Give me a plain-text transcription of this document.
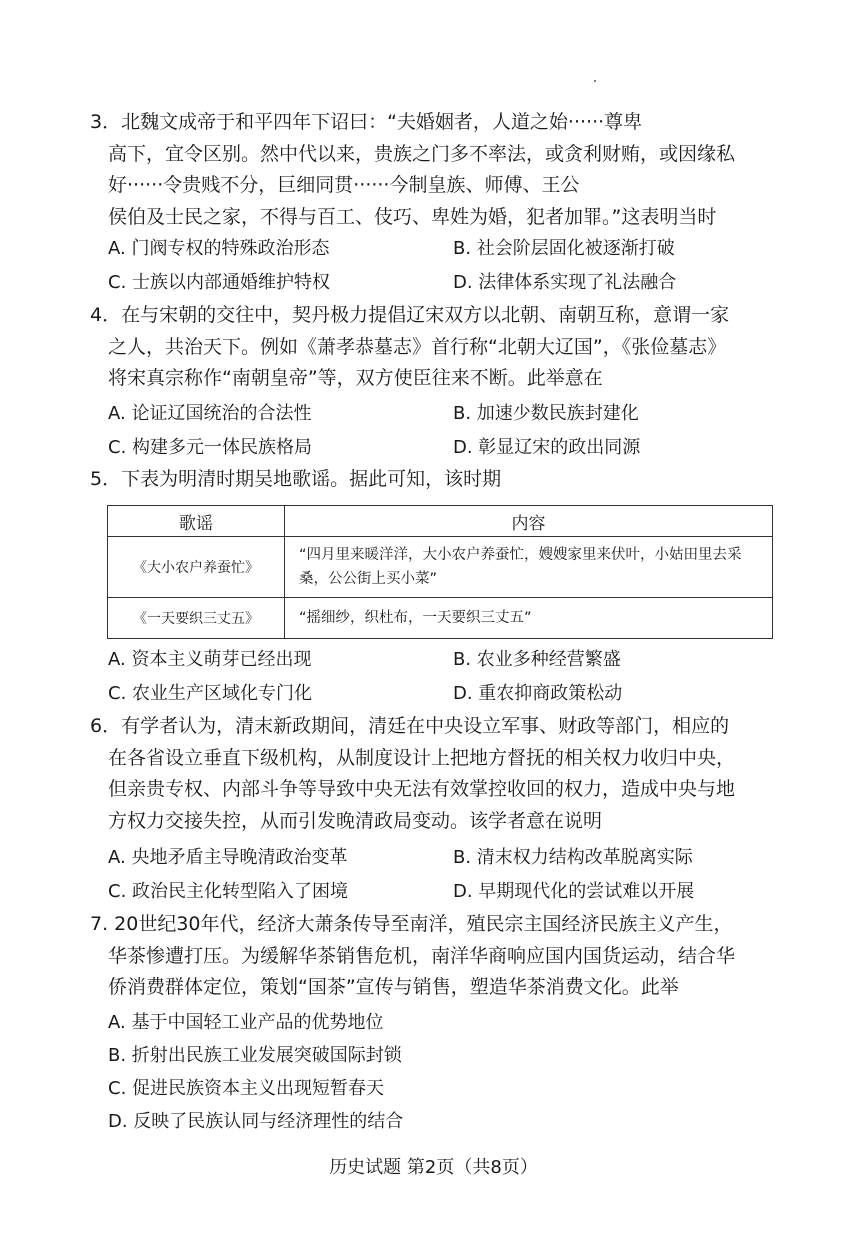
3．北魏文成帝于和平四年下诏曰：“夫婚姻者，人道之始······尊卑
高下，宜令区别。然中代以来，贵族之门多不率法，或贪利财贿，或因缘私
好······令贵贱不分，巨细同贯······今制皇族、师傅、王公
侯伯及士民之家，不得与百工、伎巧、卑姓为婚，犯者加罪。”这表明当时
A. 门阀专权的特殊政治形态	B. 社会阶层固化被逐渐打破
C. 士族以内部通婚维护特权	D. 法律体系实现了礼法融合
4．在与宋朝的交往中，契丹极力提倡辽宋双方以北朝、南朝互称，意谓一家
之人，共治天下。例如《萧孝恭墓志》首行称“北朝大辽国”，《张俭墓志》
将宋真宗称作“南朝皇帝”等，双方使臣往来不断。此举意在
A. 论证辽国统治的合法性	B. 加速少数民族封建化
C. 构建多元一体民族格局	D. 彰显辽宋的政出同源
5．下表为明清时期吴地歌谣。据此可知，该时期
歌谣	内容
《大小农户养蚕忙》	“四月里来暖洋洋，大小农户养蚕忙，嫂嫂家里来伏叶，小姑田里去采桑，公公街上买小菜”
《一天要织三丈五》	“摇细纱，织杜布，一天要织三丈五”
A. 资本主义萌芽已经出现	B. 农业多种经营繁盛
C. 农业生产区域化专门化	D. 重农抑商政策松动
6．有学者认为，清末新政期间，清廷在中央设立军事、财政等部门，相应的
在各省设立垂直下级机构，从制度设计上把地方督抚的相关权力收归中央，
但亲贵专权、内部斗争等导致中央无法有效掌控收回的权力，造成中央与地
方权力交接失控，从而引发晚清政局变动。该学者意在说明
A. 央地矛盾主导晚清政治变革	B. 清末权力结构改革脱离实际
C. 政治民主化转型陷入了困境	D. 早期现代化的尝试难以开展
7. 20世纪30年代，经济大萧条传导至南洋，殖民宗主国经济民族主义产生，
华茶惨遭打压。为缓解华茶销售危机，南洋华商响应国内国货运动，结合华
侨消费群体定位，策划“国茶”宣传与销售，塑造华茶消费文化。此举
A. 基于中国轻工业产品的优势地位
B. 折射出民族工业发展突破国际封锁
C. 促进民族资本主义出现短暂春天
D. 反映了民族认同与经济理性的结合
历史试题 第2页（共8页）
